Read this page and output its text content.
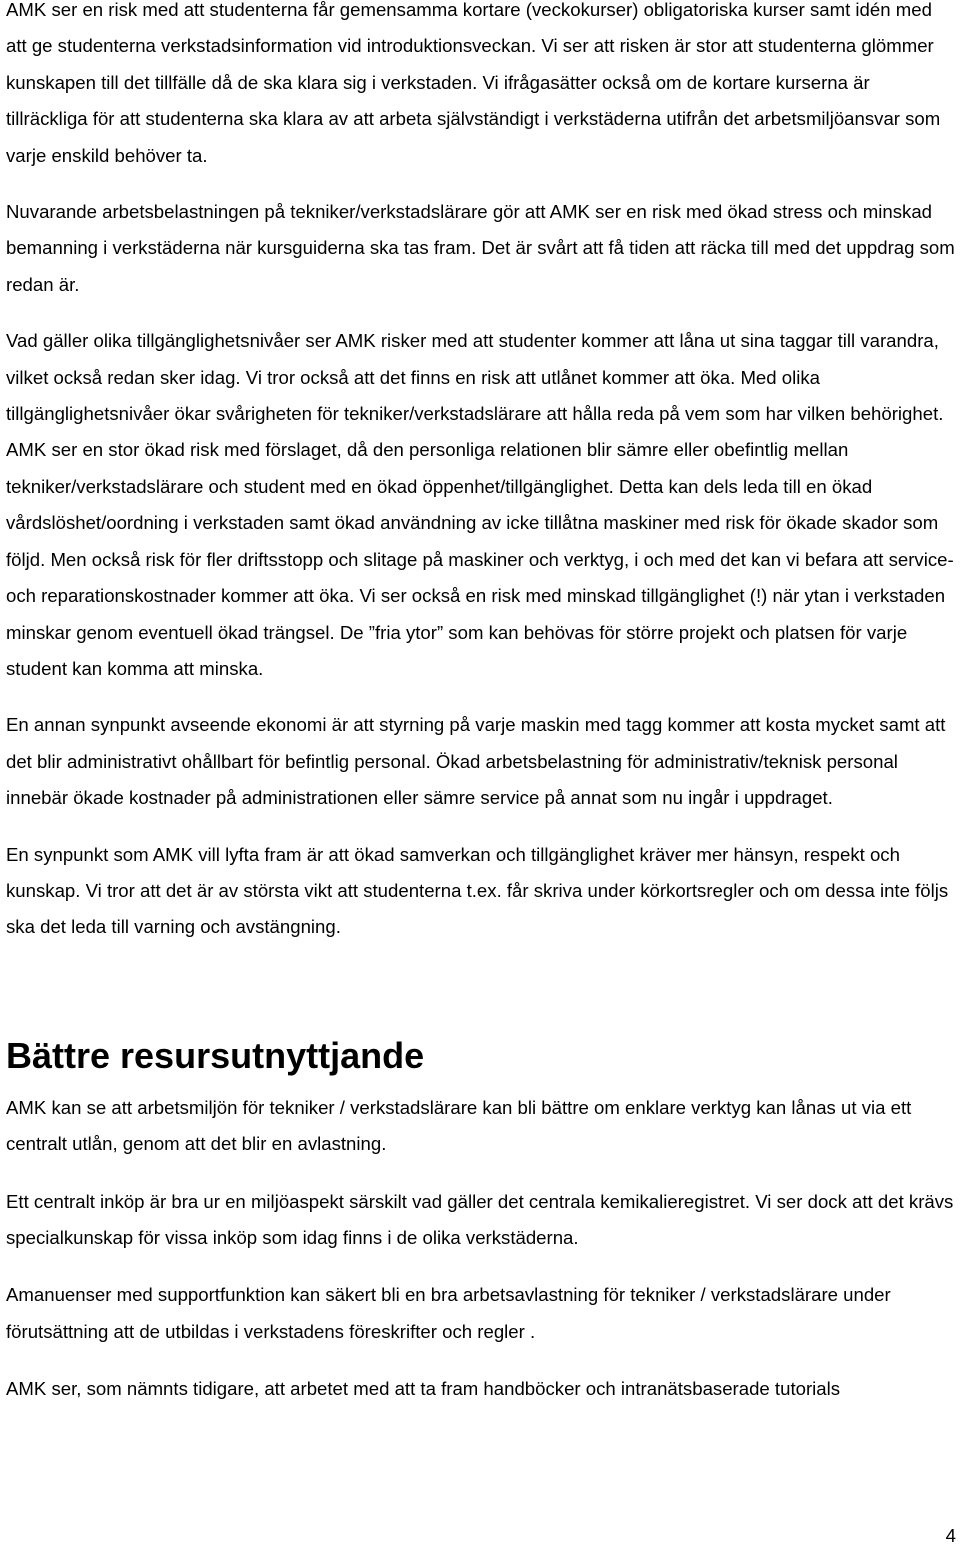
AMK ser en risk med att studenterna får gemensamma kortare (veckokurser) obligatoriska kurser samt idén med att ge studenterna verkstadsinformation vid introduktionsveckan. Vi ser att risken är stor att studenterna glömmer kunskapen till det tillfälle då de ska klara sig i verkstaden. Vi ifrågasätter också om de kortare kurserna är tillräckliga för att studenterna ska klara av att arbeta självständigt i verkstäderna utifrån det arbetsmiljöansvar som varje enskild behöver ta.

Nuvarande arbetsbelastningen på tekniker/verkstadslärare gör att AMK ser en risk med ökad stress och minskad bemanning i verkstäderna när kursguiderna ska tas fram. Det är svårt att få tiden att räcka till med det uppdrag som redan är.

Vad gäller olika tillgänglighetsnivåer ser AMK risker med att studenter kommer att låna ut sina taggar till varandra, vilket också redan sker idag. Vi tror också att det finns en risk att utlånet kommer att öka. Med olika tillgänglighetsnivåer ökar svårigheten för tekniker/verkstadslärare att hålla reda på vem som har vilken behörighet. AMK ser en stor ökad risk med förslaget, då den personliga relationen blir sämre eller obefintlig mellan tekniker/verkstadslärare och student med en ökad öppenhet/tillgänglighet. Detta kan dels leda till en ökad vårdslöshet/oordning i verkstaden samt ökad användning av icke tillåtna maskiner med risk för ökade skador som följd. Men också risk för fler driftsstopp och slitage på maskiner och verktyg, i och med det kan vi befara att service- och reparationskostnader kommer att öka. Vi ser också en risk med minskad tillgänglighet (!) när ytan i verkstaden minskar genom eventuell ökad trängsel. De ”fria ytor” som kan behövas för större projekt och platsen för varje student kan komma att minska.

En annan synpunkt avseende ekonomi är att styrning på varje maskin med tagg kommer att kosta mycket samt att det blir administrativt ohållbart för befintlig personal. Ökad arbetsbelastning för administrativ/teknisk personal innebär ökade kostnader på administrationen eller sämre service på annat som nu ingår i uppdraget.

En synpunkt som AMK vill lyfta fram är att ökad samverkan och tillgänglighet kräver mer hänsyn, respekt och kunskap. Vi tror att det är av största vikt att studenterna t.ex. får skriva under körkortsregler och om dessa inte följs ska det leda till varning och avstängning.

Bättre resursutnyttjande

AMK kan se att arbetsmiljön för tekniker / verkstadslärare kan bli bättre om enklare verktyg kan lånas ut via ett centralt utlån, genom att det blir en avlastning.

Ett centralt inköp är bra ur en miljöaspekt särskilt vad gäller det centrala kemikalieregistret. Vi ser dock att det krävs specialkunskap för vissa inköp som idag finns i de olika verkstäderna.

Amanuenser med supportfunktion kan säkert bli en bra arbetsavlastning för tekniker / verkstadslärare under förutsättning att de utbildas i verkstadens föreskrifter och regler .

AMK ser, som nämnts tidigare, att arbetet med att ta fram handböcker och intranätsbaserade tutorials

4
